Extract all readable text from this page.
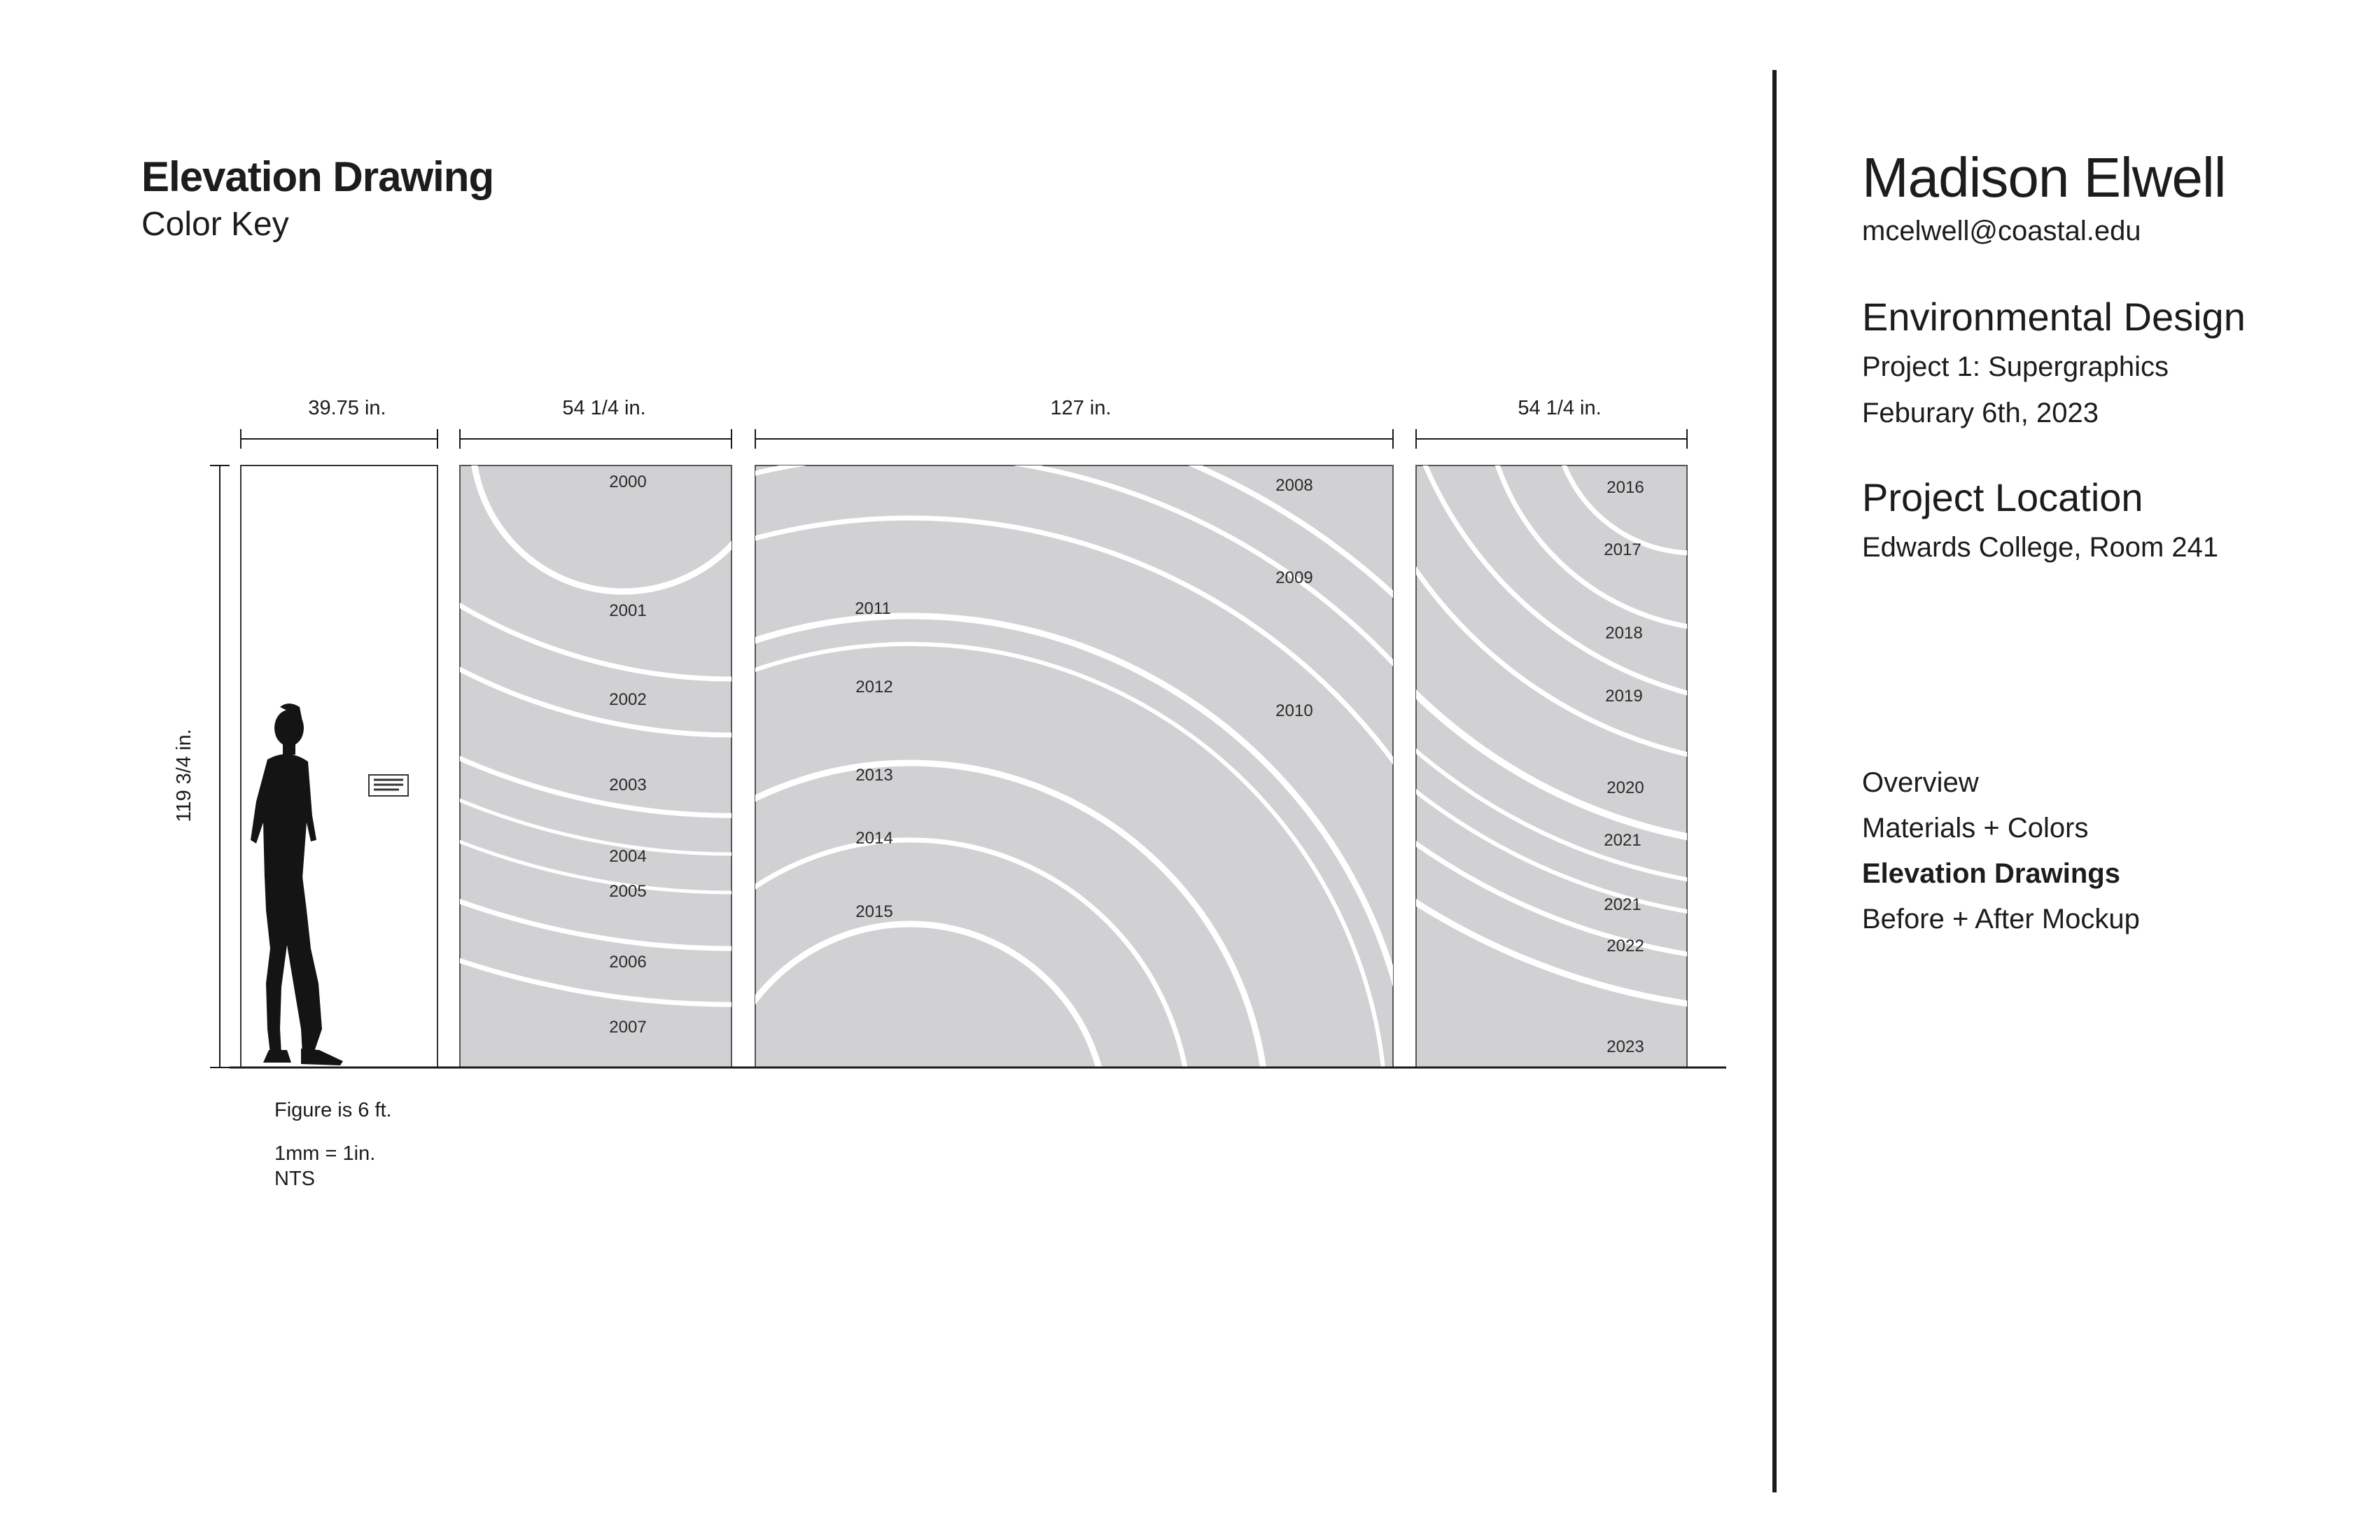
Elevation Drawing
Color Key
39.75 in.	54 1/4 in.	127 in.	54 1/4 in.
119 3/4 in.
2000
2001
2002
2003
2004
2005
2006
2007
2008
2009
2010
2011
2012
2013
2014
2015
2016
2017
2018
2019
2020
2021
2021
2022
2023
Figure is 6 ft.
1mm = 1in.
NTS
Madison Elwell
mcelwell@coastal.edu
Environmental Design
Project 1: Supergraphics
Feburary 6th, 2023
Project Location
Edwards College, Room 241
Overview
Materials + Colors
Elevation Drawings
Before + After Mockup
